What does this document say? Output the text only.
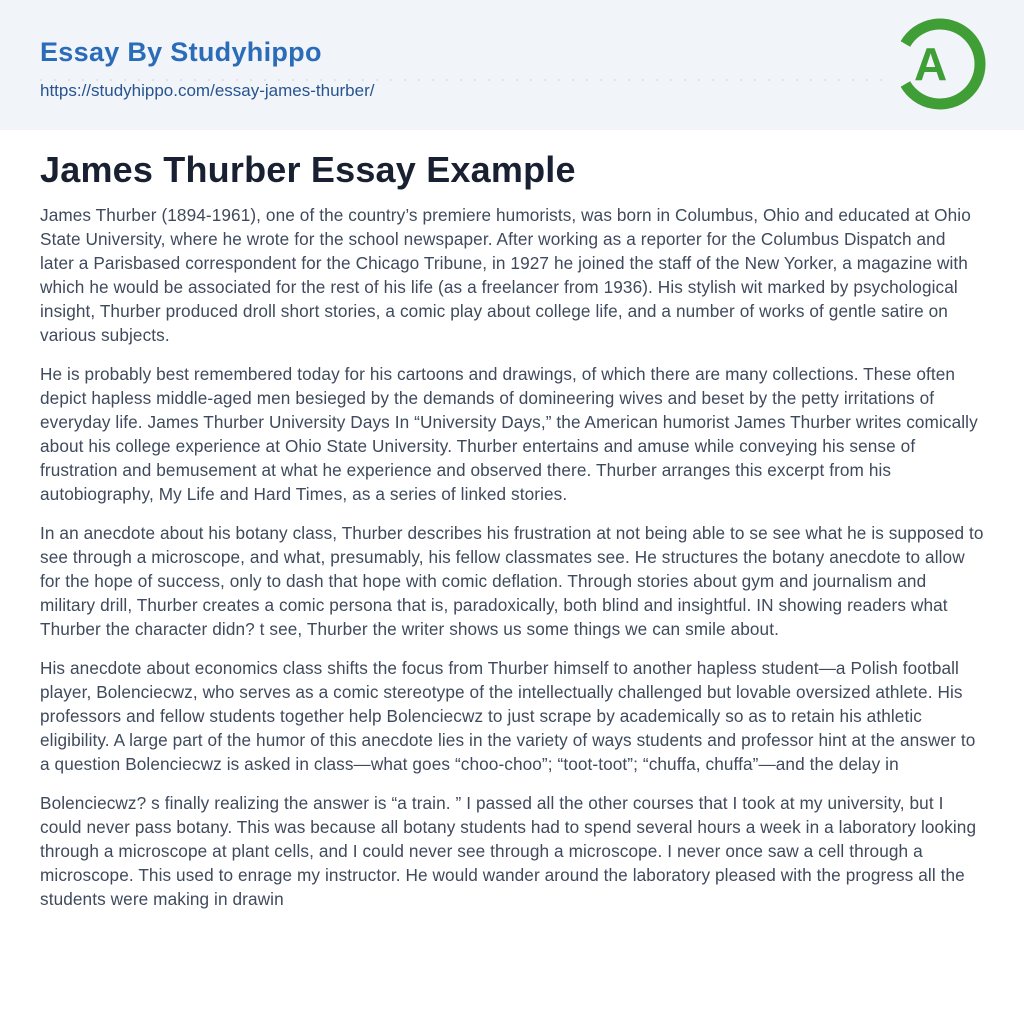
Essay By Studyhippo
https://studyhippo.com/essay-james-thurber/
A
James Thurber Essay Example

James Thurber (1894-1961), one of the country’s premiere humorists, was born in Columbus, Ohio and educated at Ohio State University, where he wrote for the school newspaper. After working as a reporter for the Columbus Dispatch and later a Parisbased correspondent for the Chicago Tribune, in 1927 he joined the staff of the New Yorker, a magazine with which he would be associated for the rest of his life (as a freelancer from 1936). His stylish wit marked by psychological insight, Thurber produced droll short stories, a comic play about college life, and a number of works of gentle satire on various subjects.

He is probably best remembered today for his cartoons and drawings, of which there are many collections. These often depict hapless middle-aged men besieged by the demands of domineering wives and beset by the petty irritations of everyday life. James Thurber University Days In “University Days,” the American humorist James Thurber writes comically about his college experience at Ohio State University. Thurber entertains and amuse while conveying his sense of frustration and bemusement at what he experience and observed there. Thurber arranges this excerpt from his autobiography, My Life and Hard Times, as a series of linked stories.

In an anecdote about his botany class, Thurber describes his frustration at not being able to se see what he is supposed to see through a microscope, and what, presumably, his fellow classmates see. He structures the botany anecdote to allow for the hope of success, only to dash that hope with comic deflation. Through stories about gym and journalism and military drill, Thurber creates a comic persona that is, paradoxically, both blind and insightful. IN showing readers what Thurber the character didn? t see, Thurber the writer shows us some things we can smile about.

His anecdote about economics class shifts the focus from Thurber himself to another hapless student—a Polish football player, Bolenciecwz, who serves as a comic stereotype of the intellectually challenged but lovable oversized athlete. His professors and fellow students together help Bolenciecwz to just scrape by academically so as to retain his athletic eligibility. A large part of the humor of this anecdote lies in the variety of ways students and professor hint at the answer to a question Bolenciecwz is asked in class—what goes “choo-choo”; “toot-toot”; “chuffa, chuffa”—and the delay in

Bolenciecwz? s finally realizing the answer is “a train. ” I passed all the other courses that I took at my university, but I could never pass botany. This was because all botany students had to spend several hours a week in a laboratory looking through a microscope at plant cells, and I could never see through a microscope. I never once saw a cell through a microscope. This used to enrage my instructor. He would wander around the laboratory pleased with the progress all the students were making in drawin
